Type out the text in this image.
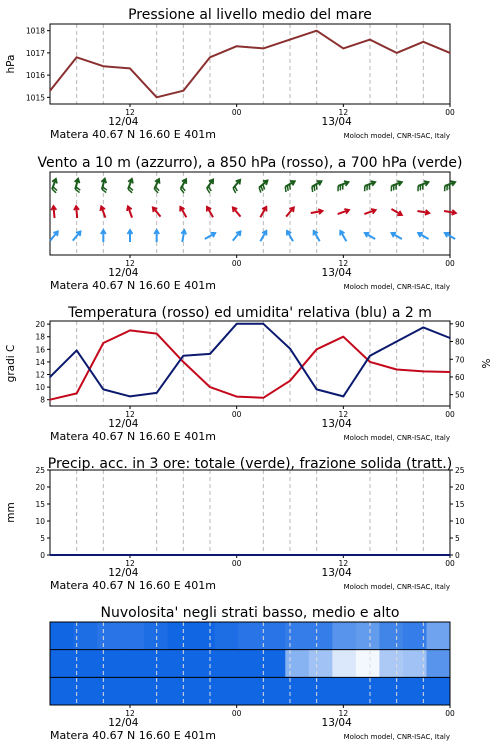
Pressione al livello medio del mare
1015
1016
1017
1018
hPa
12	00	12	00
12/04	13/04
Matera 40.67 N 16.60 E 401m	Moloch model, CNR-ISAC, Italy
Vento a 10 m (azzurro), a 850 hPa (rosso), a 700 hPa (verde)
12	00	12	00
12/04	13/04
Matera 40.67 N 16.60 E 401m	Moloch model, CNR-ISAC, Italy
Temperatura (rosso) ed umidita' relativa (blu) a 2 m
8
10
12
14
16
18
20
50
60
70
80
90
gradi C	%
12	00	12	00
12/04	13/04
Matera 40.67 N 16.60 E 401m	Moloch model, CNR-ISAC, Italy
Precip. acc. in 3 ore: totale (verde), frazione solida (tratt.)
0
5
10
15
20
25
0
5
10
15
20
25
mm
12	00	12	00
12/04	13/04
Matera 40.67 N 16.60 E 401m	Moloch model, CNR-ISAC, Italy
Nuvolosita' negli strati basso, medio e alto
12	00	12	00
12/04	13/04
Matera 40.67 N 16.60 E 401m	Moloch model, CNR-ISAC, Italy
